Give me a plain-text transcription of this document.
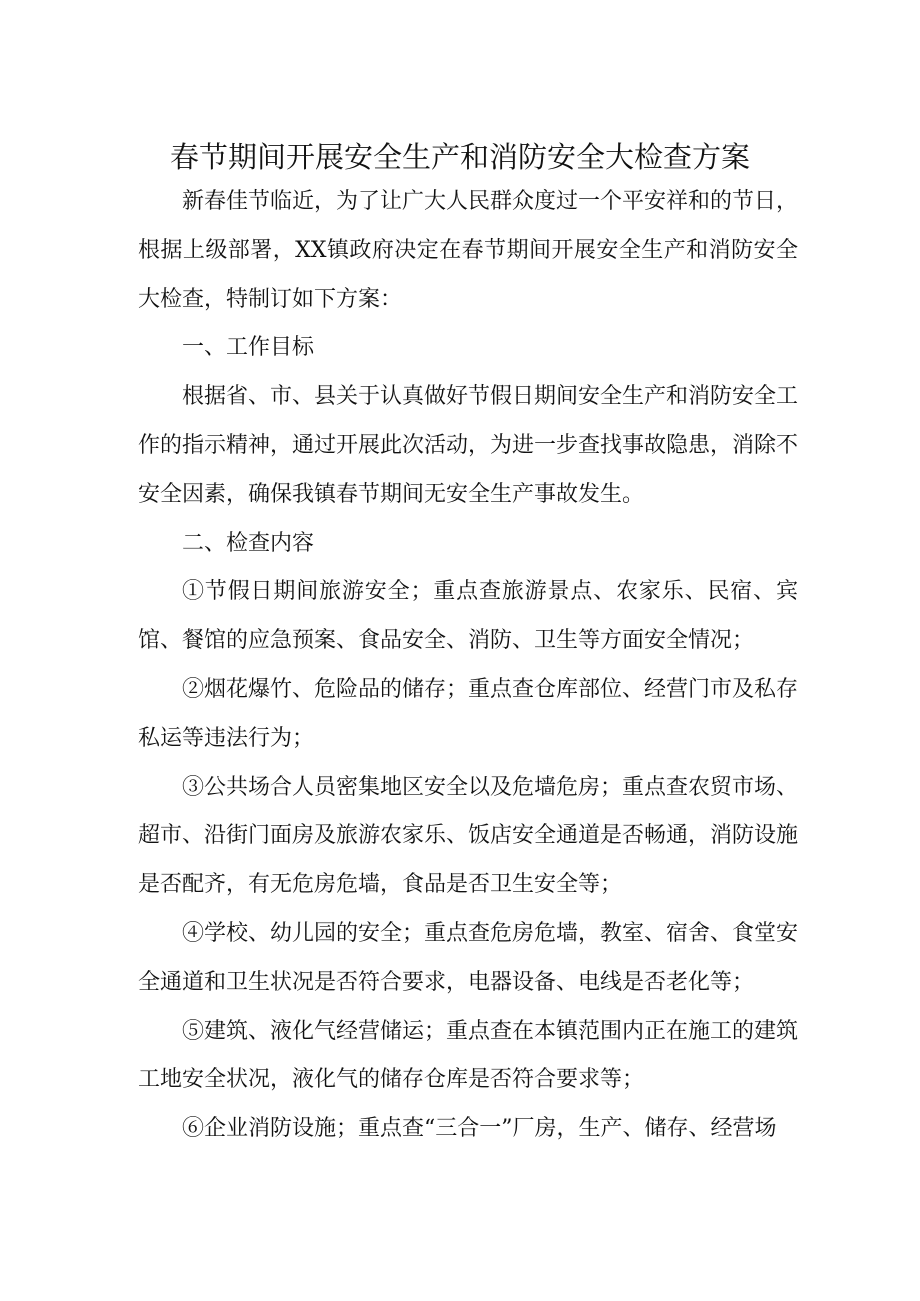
春节期间开展安全生产和消防安全大检查方案

新春佳节临近，为了让广大人民群众度过一个平安祥和的节日，根据上级部署，XX镇政府决定在春节期间开展安全生产和消防安全大检查，特制订如下方案：

一、工作目标

根据省、市、县关于认真做好节假日期间安全生产和消防安全工作的指示精神，通过开展此次活动，为进一步查找事故隐患，消除不安全因素，确保我镇春节期间无安全生产事故发生。

二、检查内容

①节假日期间旅游安全；重点查旅游景点、农家乐、民宿、宾馆、餐馆的应急预案、食品安全、消防、卫生等方面安全情况；

②烟花爆竹、危险品的储存；重点查仓库部位、经营门市及私存私运等违法行为；

③公共场合人员密集地区安全以及危墙危房；重点查农贸市场、超市、沿街门面房及旅游农家乐、饭店安全通道是否畅通，消防设施是否配齐，有无危房危墙，食品是否卫生安全等；

④学校、幼儿园的安全；重点查危房危墙，教室、宿舍、食堂安全通道和卫生状况是否符合要求，电器设备、电线是否老化等；

⑤建筑、液化气经营储运；重点查在本镇范围内正在施工的建筑工地安全状况，液化气的储存仓库是否符合要求等；

⑥企业消防设施；重点查“三合一”厂房，生产、储存、经营场
